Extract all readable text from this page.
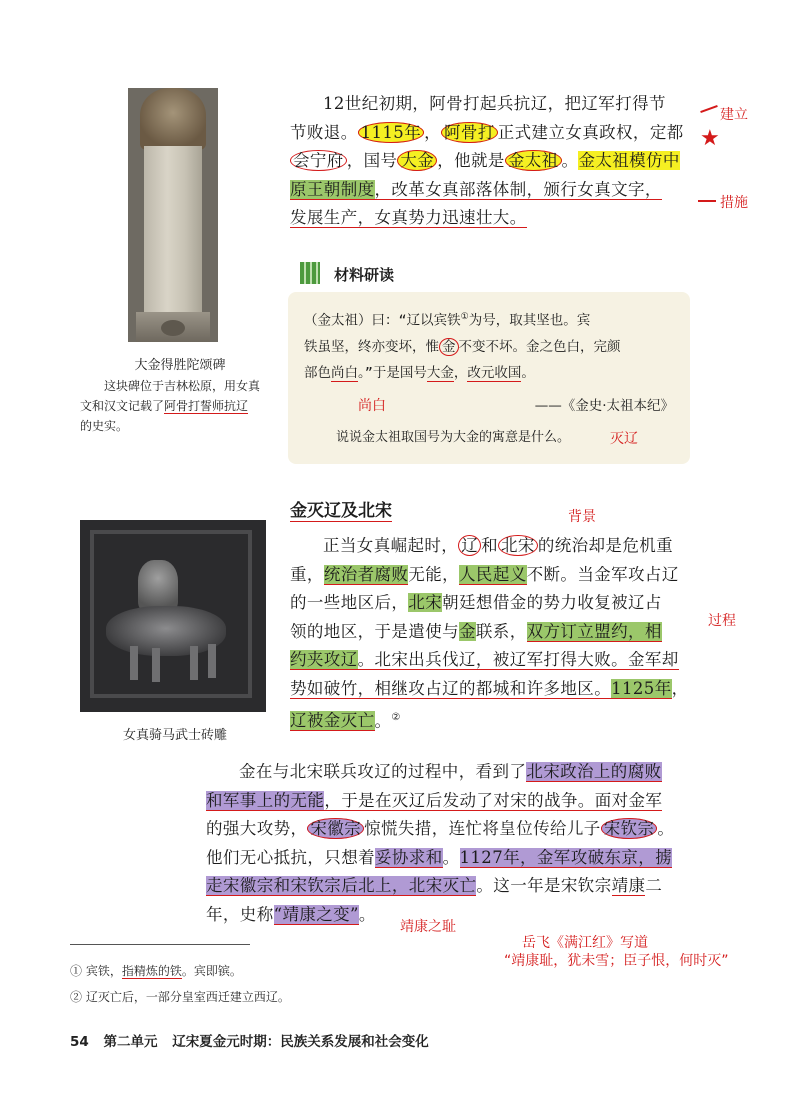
大金得胜陀颂碑
这块碑位于吉林松原，用女真文和汉文记载了阿骨打誓师抗辽的史实。

12世纪初期，阿骨打起兵抗辽，把辽军打得节

节败退。 1115年 ， 阿骨打 正式建立女真政权，定都
会宁府 ，国号 大金 ，他就是 金太祖 。金太祖模仿中
原王朝制度，改革女真部落体制，颁行女真文字，
发展生产，女真势力迅速壮大。
材料研读

（金太祖）曰：“辽以宾铁①为号，取其坚也。宾

铁虽坚，终亦变坏，惟 金 不变不坏。金之色白，完颜

部色尚白。”于是国号大金，改元收国。

——《金史·太祖本纪》
说说金太祖取国号为大金的寓意是什么。
金灭辽及北宋
女真骑马武士砖雕

正当女真崛起时， 辽 和 北宋 的统治却是危机重

重，统治者腐败无能，人民起义不断。当金军攻占辽
的一些地区后，北宋朝廷想借金的势力收复被辽占
领的地区，于是遣使与金联系，双方订立盟约，相
约夹攻辽。北宋出兵伐辽，被辽军打得大败。金军却
势如破竹，相继攻占辽的都城和许多地区。1125年，
辽被金灭亡。②

金在与北宋联兵攻辽的过程中，看到了北宋政治上的腐败

和军事上的无能，于是在灭辽后发动了对宋的战争。面对金军
的强大攻势， 宋徽宗 惊慌失措，连忙将皇位传给儿子 宋钦宗 。
他们无心抵抗，只想着妥协求和。1127年，金军攻破东京，掳
走宋徽宗和宋钦宗后北上，北宋灭亡。这一年是宋钦宗靖康二
年，史称“靖康之变”。
建立
★
措施
尚白
灭辽
背景
过程
靖康之耻
岳飞《满江红》写道
“靖康耻，犹未雪；臣子恨，何时灭”
① 宾铁，指精炼的铁。宾即镔。
② 辽灭亡后，一部分皇室西迁建立西辽。
54 第二单元 辽宋夏金元时期：民族关系发展和社会变化
